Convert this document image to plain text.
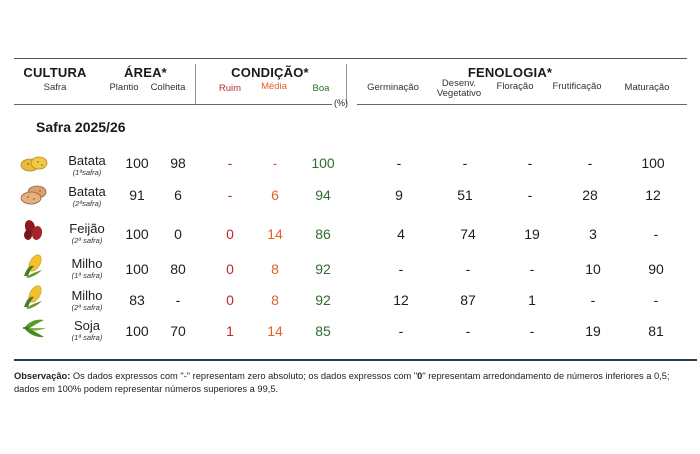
CULTURA
Safra
ÁREA*
Plantio	Colheita
CONDIÇÃO*
Ruim	Média	Boa
FENOLOGIA*
Germinação	Desenv.
Vegetativo
Floração	Frutificação	Maturação
(%)
Safra 2025/26
Batata
(1ªsafra)
100	98	-	-	100	-	-	-	-	100
Batata
(2ªsafra)
91	6	-	6	94	9	51	-	28	12
Feijão
(2ª safra)	100	0	0	14	86	4	74	19	3	-
Milho
(1ª safra)	100	80	0	8	92	-	-	-	10	90
Milho
(2ª safra)	83	-	0	8	92	12	87	1	-	-
Soja
(1ª safra)	100	70	1	14	85	-	-	-	19	81
Observação: Os dados expressos com "-" representam zero absoluto; os dados expressos com "0" representam arredondamento de números inferiores a 0,5; dados em 100% podem representar números superiores a 99,5.
